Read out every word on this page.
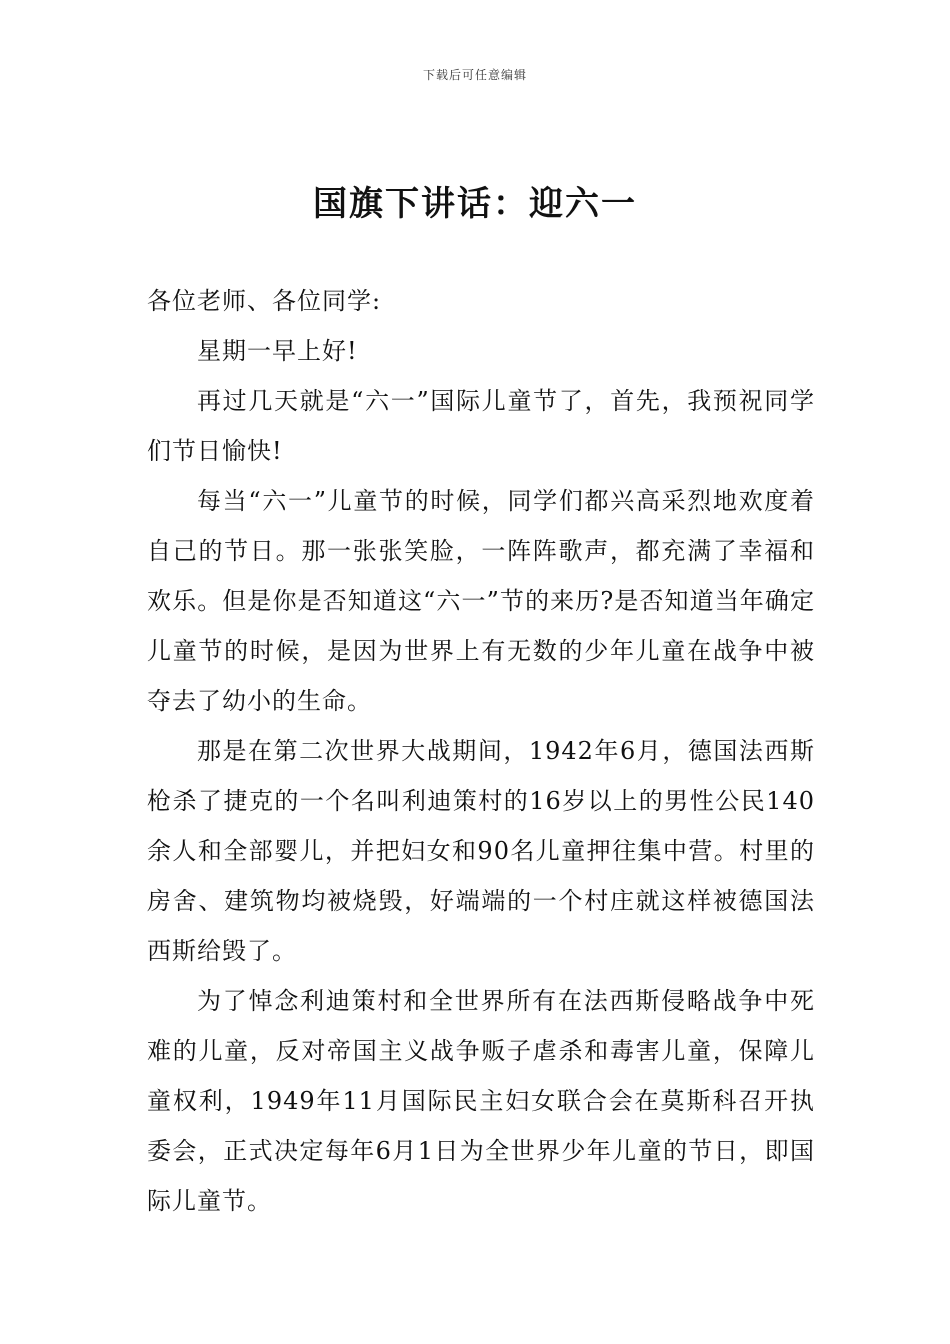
下载后可任意编辑
国旗下讲话：迎六一

各位老师、各位同学:

星期一早上好!

再过几天就是“六一”国际儿童节了，首先，我预祝同学们节日愉快!

每当“六一”儿童节的时候，同学们都兴高采烈地欢度着自己的节日。那一张张笑脸，一阵阵歌声，都充满了幸福和欢乐。但是你是否知道这“六一”节的来历?是否知道当年确定儿童节的时候，是因为世界上有无数的少年儿童在战争中被夺去了幼小的生命。

那是在第二次世界大战期间，1942年6月，德国法西斯枪杀了捷克的一个名叫利迪策村的16岁以上的男性公民140余人和全部婴儿，并把妇女和90名儿童押往集中营。村里的房舍、建筑物均被烧毁，好端端的一个村庄就这样被德国法西斯给毁了。

为了悼念利迪策村和全世界所有在法西斯侵略战争中死难的儿童，反对帝国主义战争贩子虐杀和毒害儿童，保障儿童权利，1949年11月国际民主妇女联合会在莫斯科召开执委会，正式决定每年6月1日为全世界少年儿童的节日，即国际儿童节。
